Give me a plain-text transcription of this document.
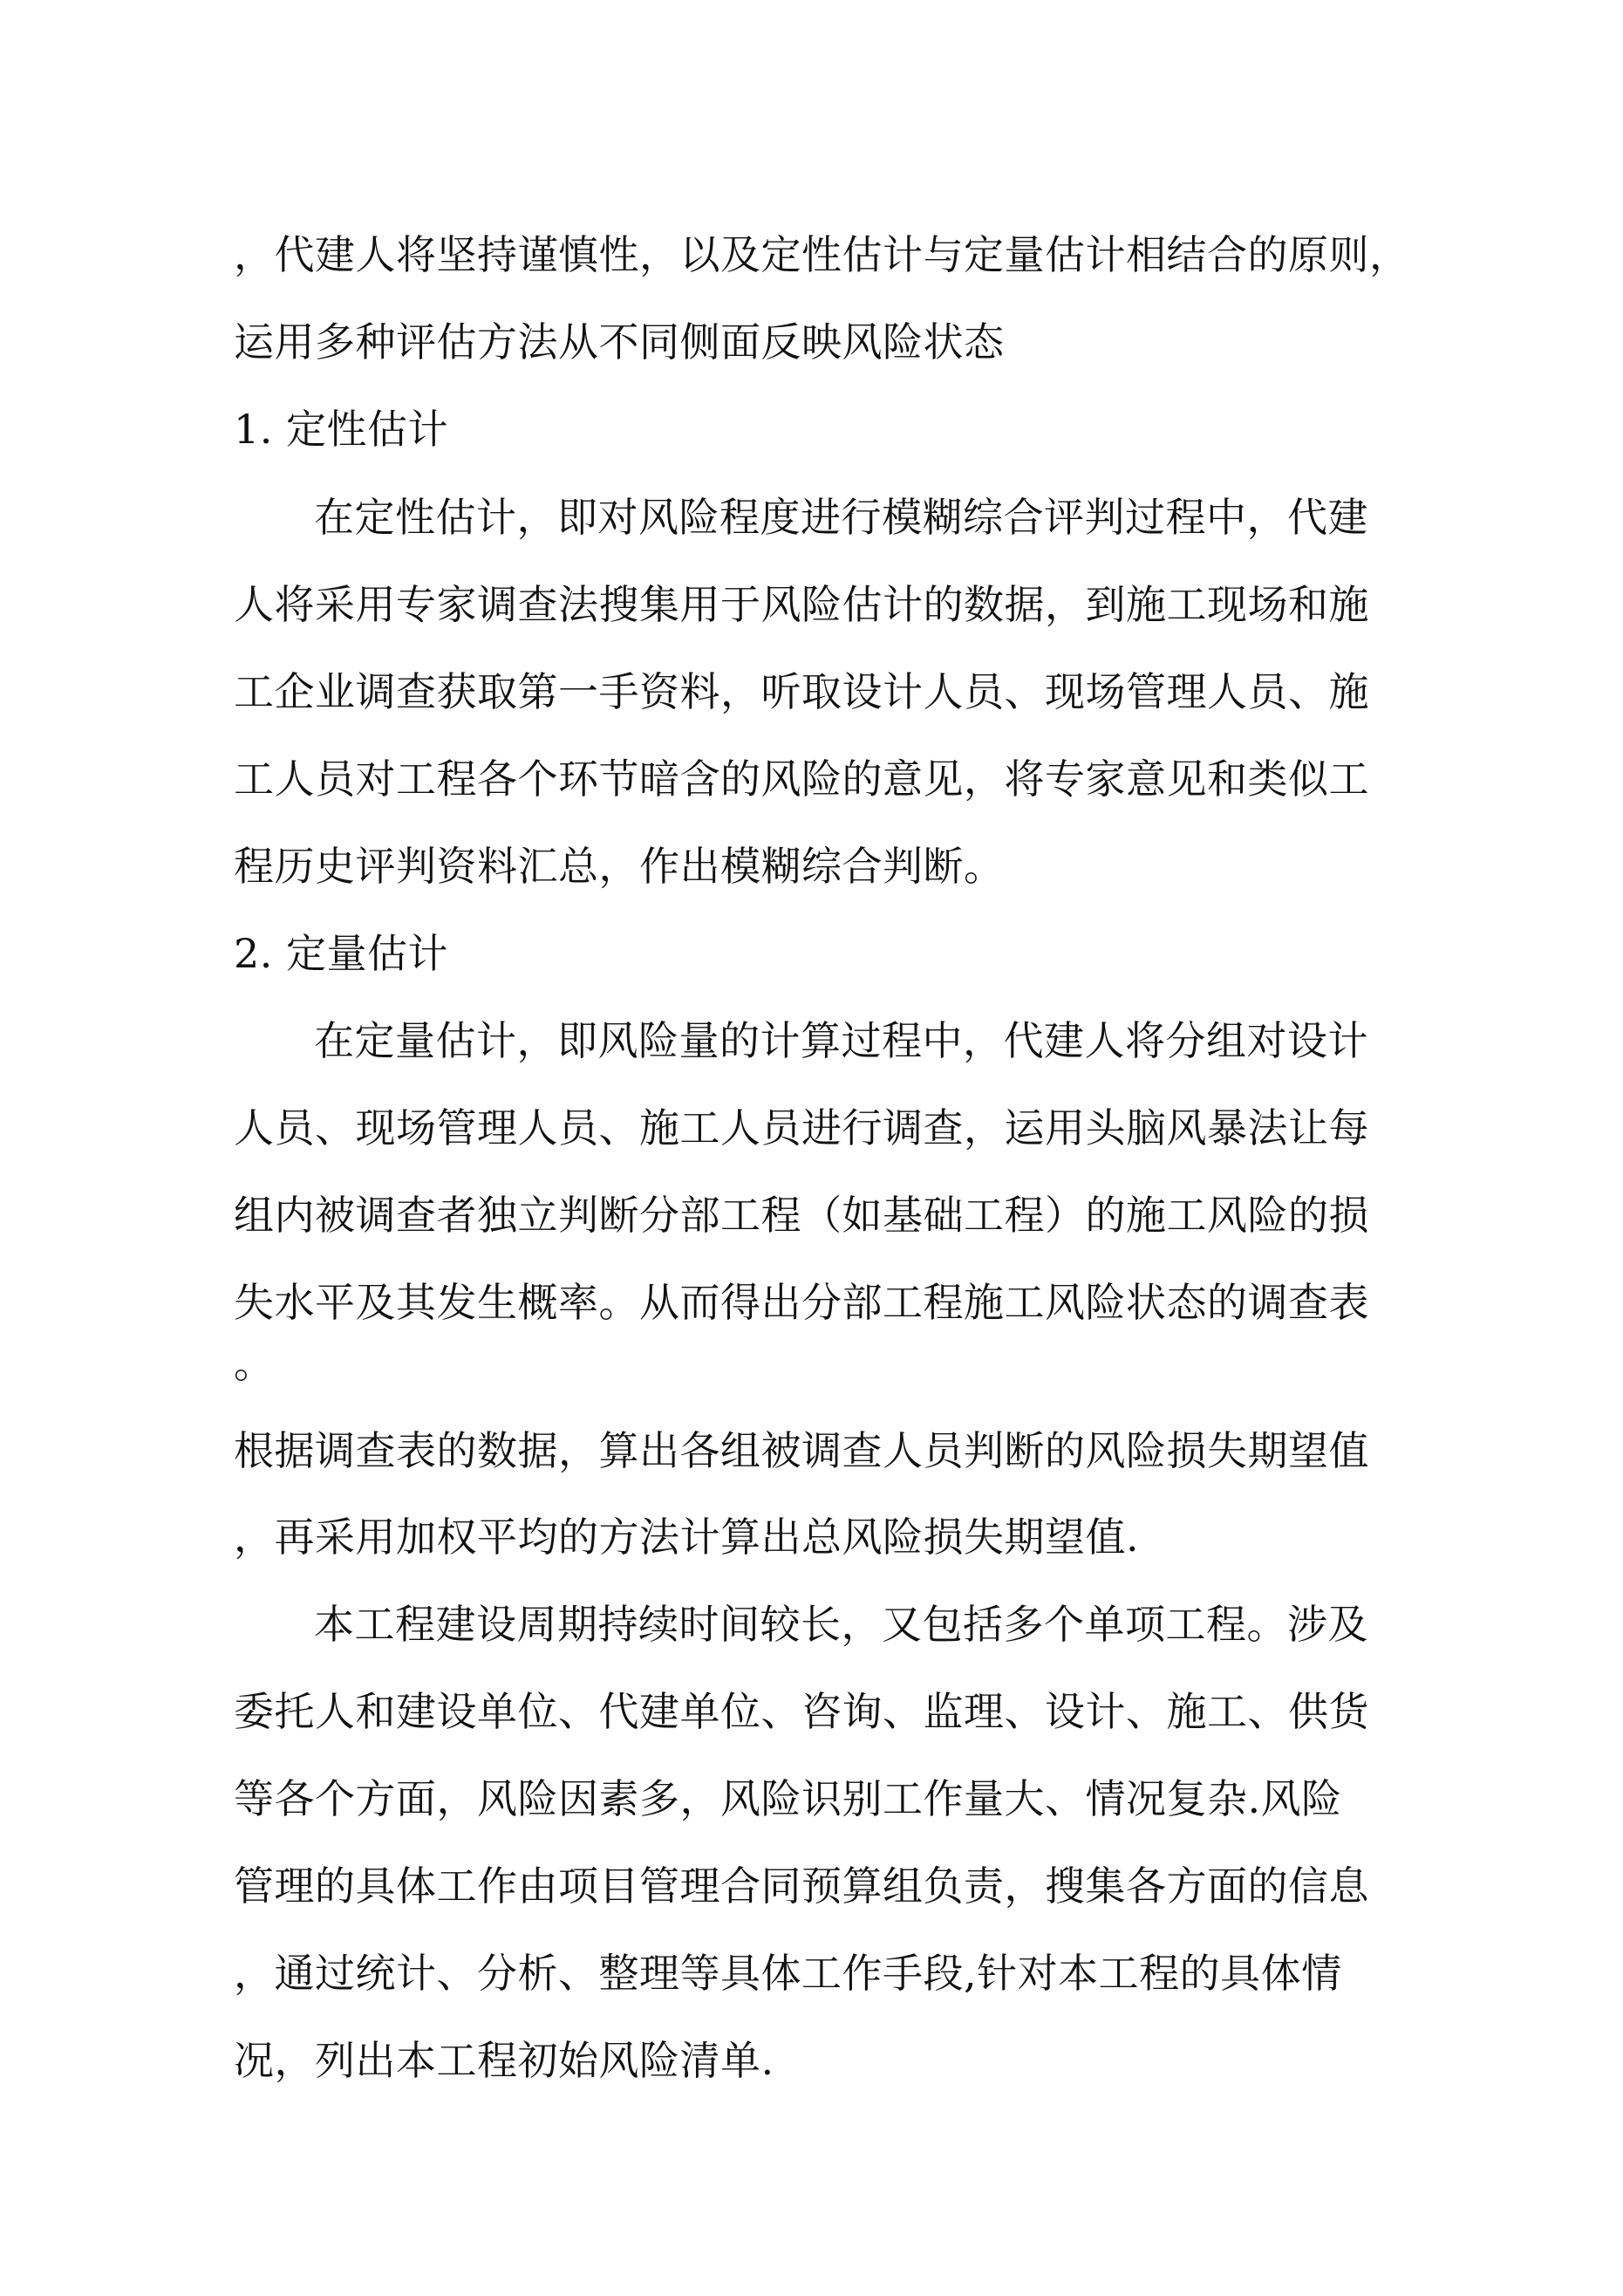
，代建人将坚持谨慎性，以及定性估计与定量估计相结合的原则，

运用多种评估方法从不同侧面反映风险状态

1. 定性估计

在定性估计，即对风险程度进行模糊综合评判过程中，代建

人将采用专家调查法搜集用于风险估计的数据，到施工现场和施

工企业调查获取第一手资料，听取设计人员、现场管理人员、施

工人员对工程各个环节暗含的风险的意见，将专家意见和类似工

程历史评判资料汇总，作出模糊综合判断。

2. 定量估计

在定量估计，即风险量的计算过程中，代建人将分组对设计

人员、现场管理人员、施工人员进行调查，运用头脑风暴法让每

组内被调查者独立判断分部工程（如基础工程）的施工风险的损

失水平及其发生概率。从而得出分部工程施工风险状态的调查表

。

根据调查表的数据，算出各组被调查人员判断的风险损失期望值

，再采用加权平均的方法计算出总风险损失期望值.

本工程建设周期持续时间较长，又包括多个单项工程。涉及

委托人和建设单位、代建单位、咨询、监理、设计、施工、供货

等各个方面，风险因素多，风险识别工作量大、情况复杂.风险

管理的具体工作由项目管理合同预算组负责，搜集各方面的信息

，通过统计、分析、整理等具体工作手段,针对本工程的具体情

况，列出本工程初始风险清单.
